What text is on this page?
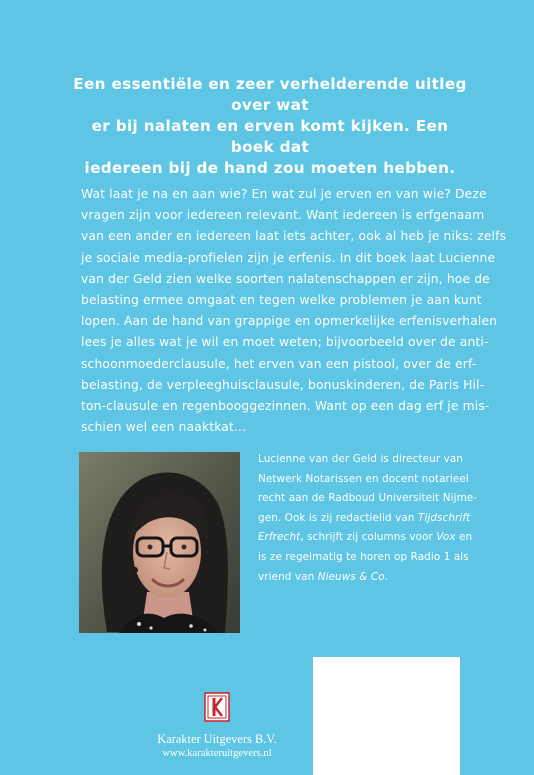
Een essentiële en zeer verhelderende uitleg over wat
er bij nalaten en erven komt kijken. Een boek dat
iedereen bij de hand zou moeten hebben.
Wat laat je na en aan wie? En wat zul je erven en van wie? Deze
vragen zijn voor iedereen relevant. Want iedereen is erfgenaam
van een ander en iedereen laat iets achter, ook al heb je niks: zelfs
je sociale media-profielen zijn je erfenis. In dit boek laat Lucienne
van der Geld zien welke soorten nalatenschappen er zijn, hoe de
belasting ermee omgaat en tegen welke problemen je aan kunt
lopen. Aan de hand van grappige en opmerkelijke erfenisverhalen
lees je alles wat je wil en moet weten; bijvoorbeeld over de anti-
schoonmoederclausule, het erven van een pistool, over de erf-
belasting, de verpleeghuisclausule, bonuskinderen, de Paris Hil-
ton-clausule en regenbooggezinnen. Want op een dag erf je mis-
schien wel een naaktkat...
Lucienne van der Geld is directeur van
Netwerk Notarissen en docent notarieel
recht aan de Radboud Universiteit Nijme-
gen. Ook is zij redactielid van Tijdschrift
Erfrecht, schrijft zij columns voor Vox en
is ze regelmatig te horen op Radio 1 als
vriend van Nieuws & Co.
Karakter Uitgevers B.V.
www.karakteruitgevers.nl
